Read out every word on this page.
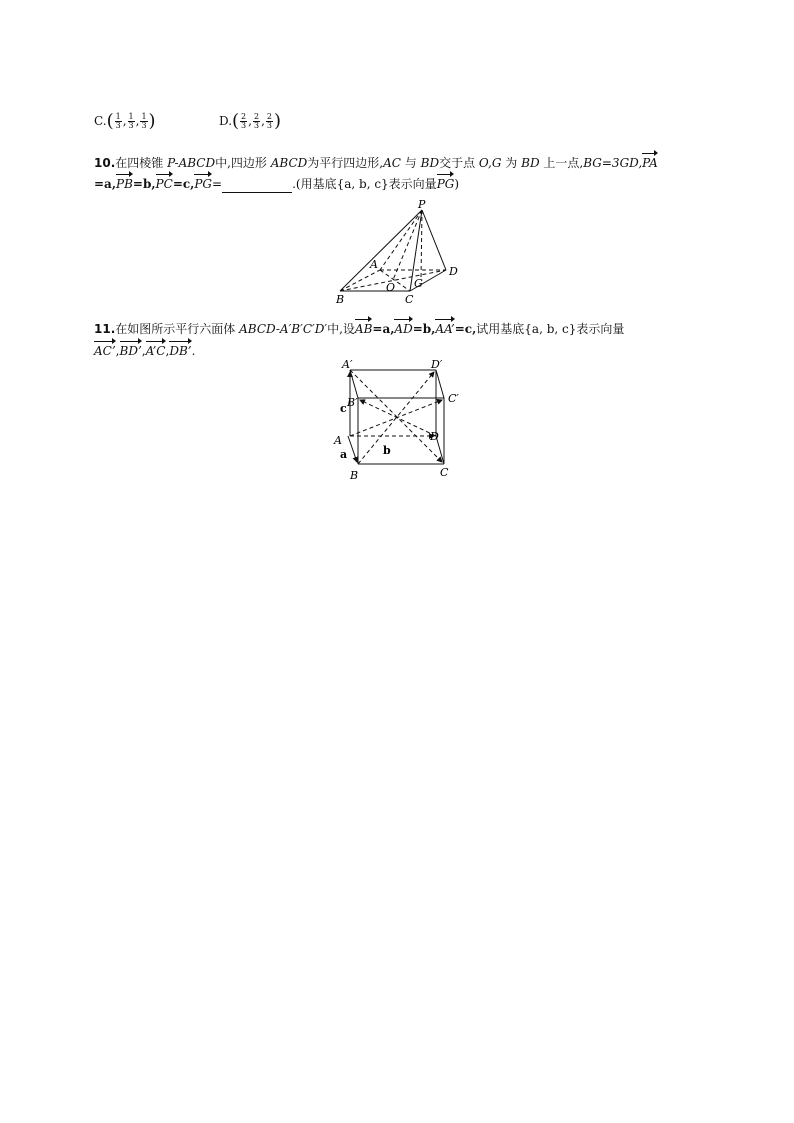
$C.( \frac{1}{3}$ , $\frac{1}{3}$ , $\frac{1}{3}$ )	$D.( \frac{2}{3}$ , $\frac{2}{3}$ , $\frac{2}{3}$ )
10.在四棱锥 P-ABCD中,四边形 ABCD为平行四边形,AC 与 BD交于点 O,G 为 BD 上一点,BG=3GD,PA
=a,PB=b,PC=c,PG=	.(用基底{a, b, c}表示向量PG)
P
A
D
B
O G
C
11.在如图所示平行六面体 ABCD-A′B′C′D′中,设AB=a,AD=b,AA’=c,试用基底{a, b, c}表示向量
AC’,BD’,A’C,DB’.
A′	D′
B′	C′
A	D
B	C
a	b
c
